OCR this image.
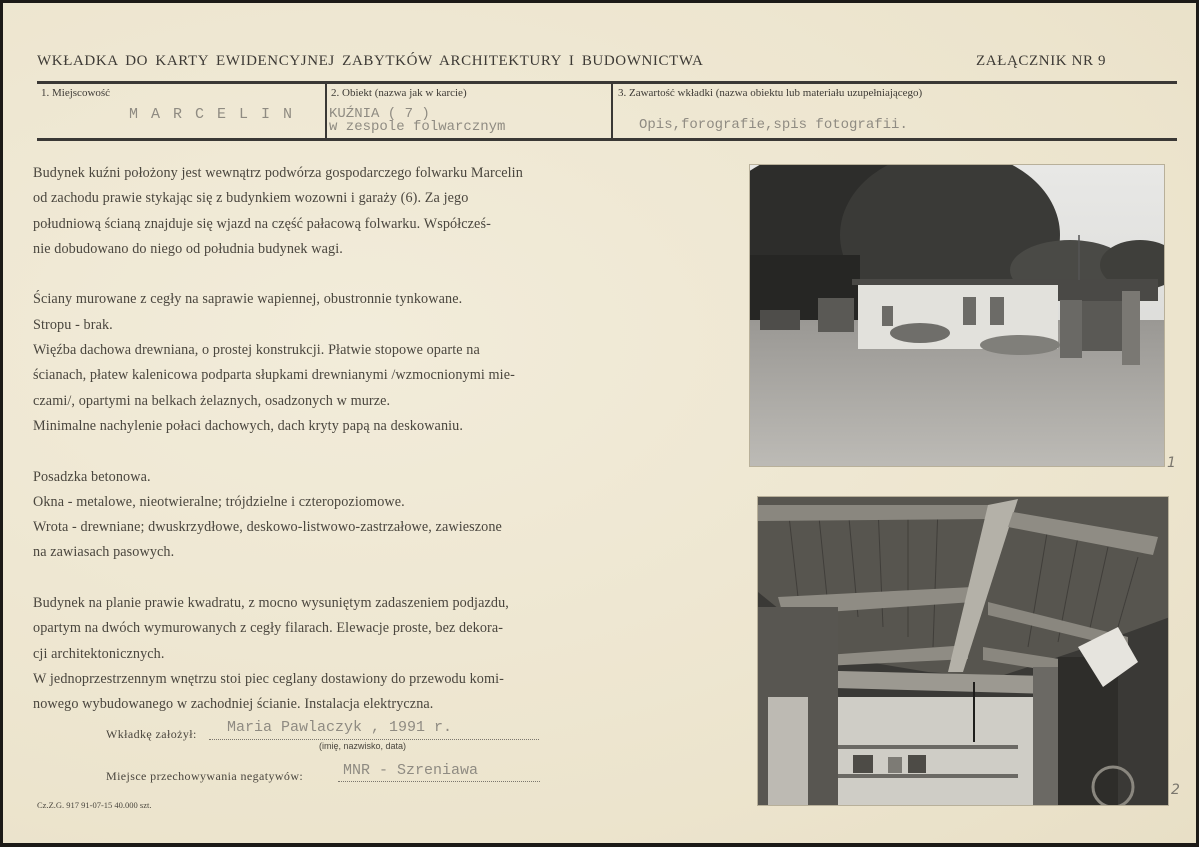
WKŁADKA DO KARTY EWIDENCYJNEJ ZABYTKÓW ARCHITEKTURY I BUDOWNICTWA	ZAŁĄCZNIK NR 9
1. Miejscowość
M A R C E L I N
2. Obiekt (nazwa jak w karcie)
KUŹNIA ( 7 )
w zespole folwarcznym
3. Zawartość wkładki (nazwa obiektu lub materiału uzupełniającego)
Opis,forografie,spis fotografii.

Budynek kuźni położony jest wewnątrz podwórza gospodarczego folwarku Marcelin

od zachodu prawie stykając się z budynkiem wozowni i garaży (6). Za jego

południową ścianą znajduje się wjazd na część pałacową folwarku. Współcześ-

nie dobudowano do niego od południa budynek wagi.

Ściany murowane z cegły na saprawie wapiennej, obustronnie tynkowane.

Stropu - brak.

Więźba dachowa drewniana, o prostej konstrukcji. Płatwie stopowe oparte na

ścianach, płatew kalenicowa podparta słupkami drewnianymi /wzmocnionymi mie-

czami/, opartymi na belkach żelaznych, osadzonych w murze.

Minimalne nachylenie połaci dachowych, dach kryty papą na deskowaniu.

Posadzka betonowa.

Okna - metalowe, nieotwieralne; trójdzielne i czteropoziomowe.

Wrota - drewniane; dwuskrzydłowe, deskowo-listwowo-zastrzałowe, zawieszone

na zawiasach pasowych.

Budynek na planie prawie kwadratu, z mocno wysuniętym zadaszeniem podjazdu,

opartym na dwóch wymurowanych z cegły filarach. Elewacje proste, bez dekora-

cji architektonicznych.

W jednoprzestrzennym wnętrzu stoi piec ceglany dostawiony do przewodu komi-

nowego wybudowanego w zachodniej ścianie. Instalacja elektryczna.

Wkładkę założył: Maria Pawlaczyk , 1991 r.
(imię, nazwisko, data)
Miejsce przechowywania negatywów:	MNR - Szreniawa
Cz.Z.G. 917 91-07-15 40.000 szt.
1
2
